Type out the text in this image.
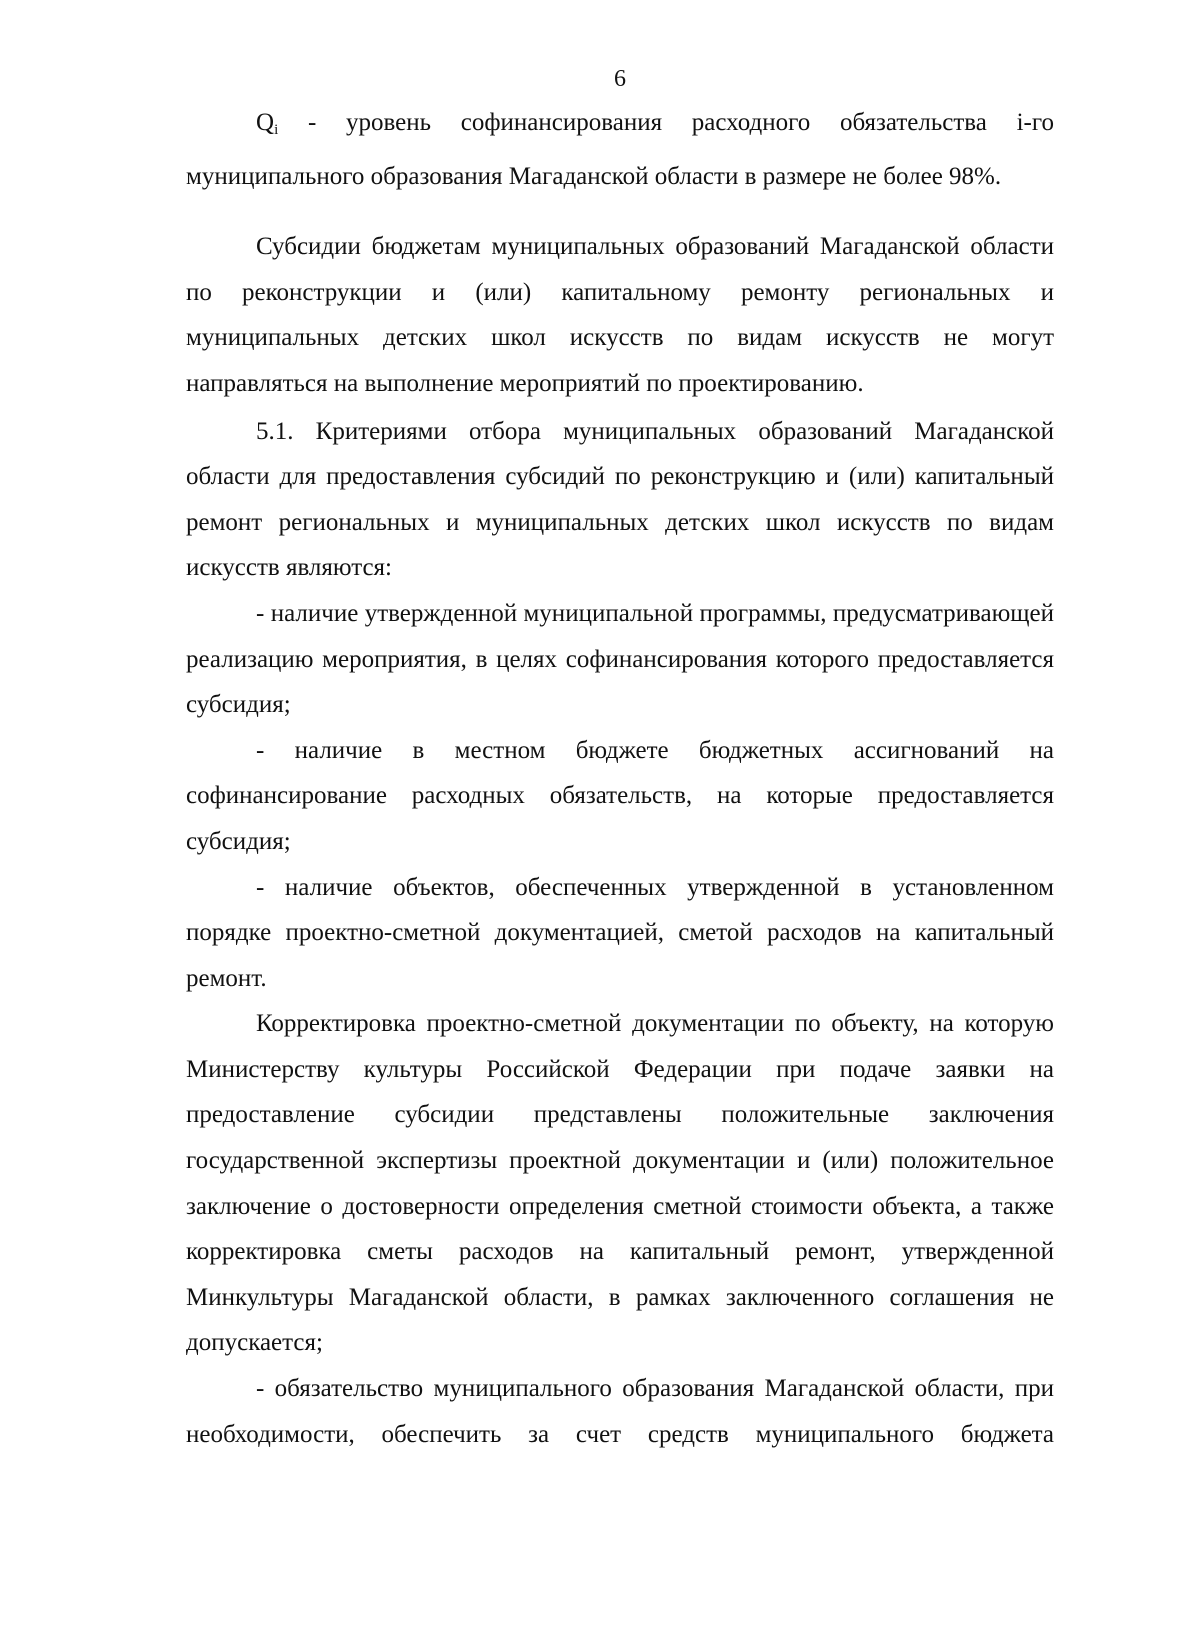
6

$Q_i$ - уровень софинансирования расходного обязательства i-го муниципального образования Магаданской области в размере не более 98%.

Субсидии бюджетам муниципальных образований Магаданской области по реконструкции и (или) капитальному ремонту региональных и муниципальных детских школ искусств по видам искусств не могут направляться на выполнение мероприятий по проектированию.

5.1. Критериями отбора муниципальных образований Магаданской области для предоставления субсидий по реконструкцию и (или) капитальный ремонт региональных и муниципальных детских школ искусств по видам искусств являются:

- наличие утвержденной муниципальной программы, предусматривающей реализацию мероприятия, в целях софинансирования которого предоставляется субсидия;

- наличие в местном бюджете бюджетных ассигнований на софинансирование расходных обязательств, на которые предоставляется субсидия;

- наличие объектов, обеспеченных утвержденной в установленном порядке проектно-сметной документацией, сметой расходов на капитальный ремонт.

Корректировка проектно-сметной документации по объекту, на которую Министерству культуры Российской Федерации при подаче заявки на предоставление субсидии представлены положительные заключения государственной экспертизы проектной документации и (или) положительное заключение о достоверности определения сметной стоимости объекта, а также корректировка сметы расходов на капитальный ремонт, утвержденной Минкультуры Магаданской области, в рамках заключенного соглашения не допускается;

- обязательство муниципального образования Магаданской области, при необходимости, обеспечить за счет средств муниципального бюджета
